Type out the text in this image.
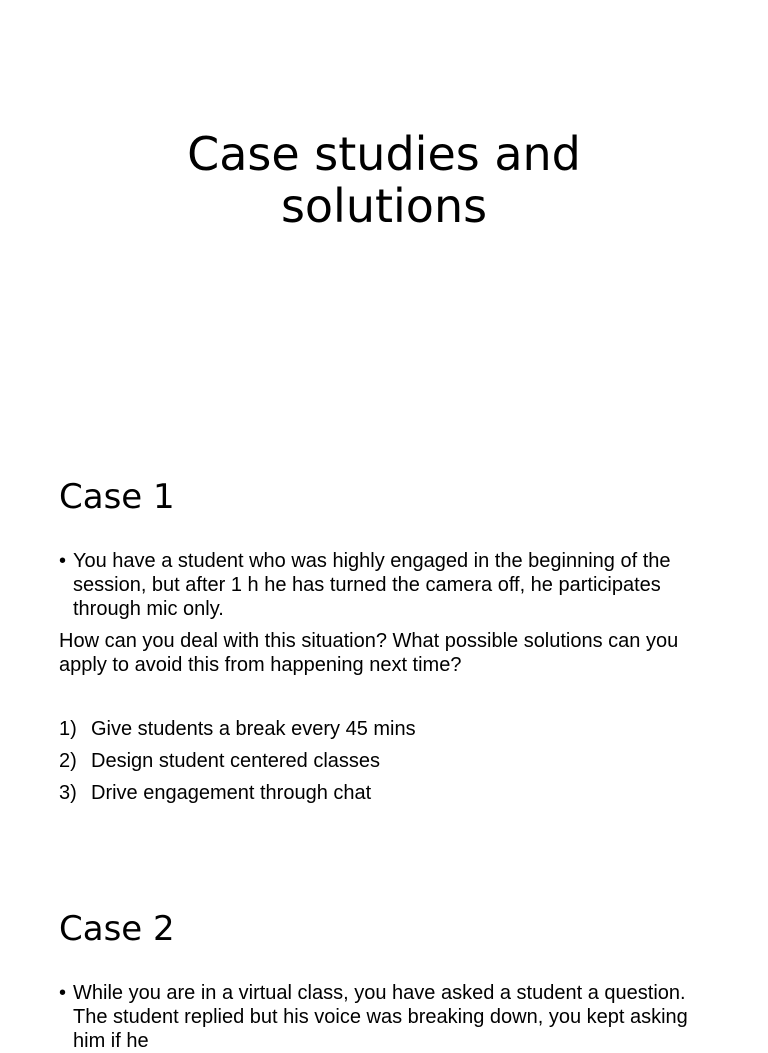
Case studies and
solutions
Case 1

• You have a student who was highly engaged in the beginning of the session, but after 1 h he has turned the camera off, he participates through mic only.

How can you deal with this situation? What possible solutions can you apply to avoid this from happening next time?

1) Give students a break every 45 mins
2) Design student centered classes
3) Drive engagement through chat
Case 2

• While you are in a virtual class, you have asked a student a question. The student replied but his voice was breaking down, you kept asking him if he
